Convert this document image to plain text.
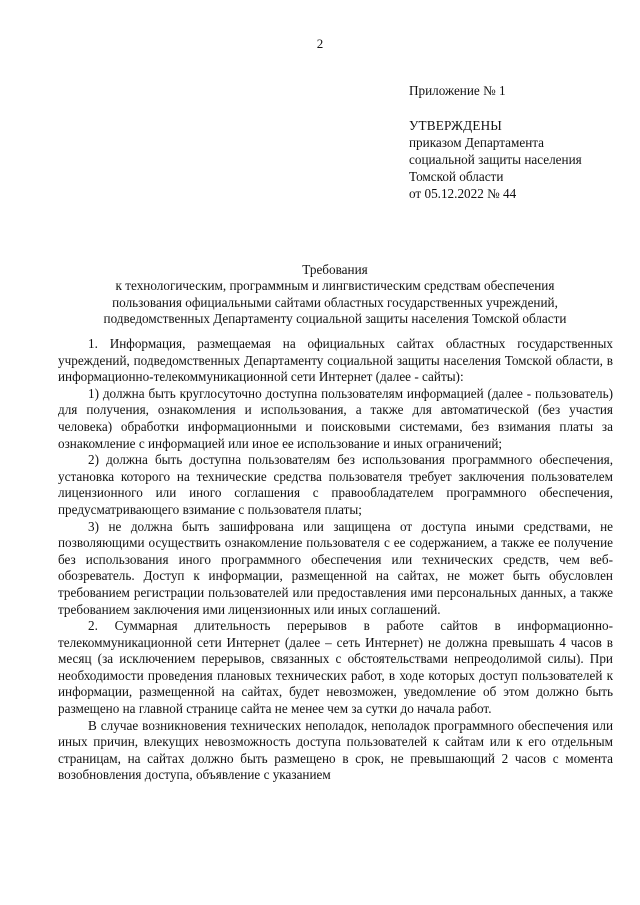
2

Приложение № 1

УТВЕРЖДЕНЫ
приказом Департамента
социальной защиты населения
Томской области
от 05.12.2022 № 44
Требования
к технологическим, программным и лингвистическим средствам обеспечения
пользования официальными сайтами областных государственных учреждений,
подведомственных Департаменту социальной защиты населения Томской области

1. Информация, размещаемая на официальных сайтах областных государственных учреждений, подведомственных Департаменту социальной защиты населения Томской области, в информационно-телекоммуникационной сети Интернет (далее - сайты):

1) должна быть круглосуточно доступна пользователям информацией (далее - пользователь) для получения, ознакомления и использования, а также для автоматической (без участия человека) обработки информационными и поисковыми системами, без взимания платы за ознакомление с информацией или иное ее использование и иных ограничений;

2) должна быть доступна пользователям без использования программного обеспечения, установка которого на технические средства пользователя требует заключения пользователем лицензионного или иного соглашения с правообладателем программного обеспечения, предусматривающего взимание с пользователя платы;

3) не должна быть зашифрована или защищена от доступа иными средствами, не позволяющими осуществить ознакомление пользователя с ее содержанием, а также ее получение без использования иного программного обеспечения или технических средств, чем веб-обозреватель. Доступ к информации, размещенной на сайтах, не может быть обусловлен требованием регистрации пользователей или предоставления ими персональных данных, а также требованием заключения ими лицензионных или иных соглашений.

2. Суммарная длительность перерывов в работе сайтов в информационно-телекоммуникационной сети Интернет (далее – сеть Интернет) не должна превышать 4 часов в месяц (за исключением перерывов, связанных с обстоятельствами непреодолимой силы). При необходимости проведения плановых технических работ, в ходе которых доступ пользователей к информации, размещенной на сайтах, будет невозможен, уведомление об этом должно быть размещено на главной странице сайта не менее чем за сутки до начала работ.

В случае возникновения технических неполадок, неполадок программного обеспечения или иных причин, влекущих невозможность доступа пользователей к сайтам или к его отдельным страницам, на сайтах должно быть размещено в срок, не превышающий 2 часов с момента возобновления доступа, объявление с указанием
